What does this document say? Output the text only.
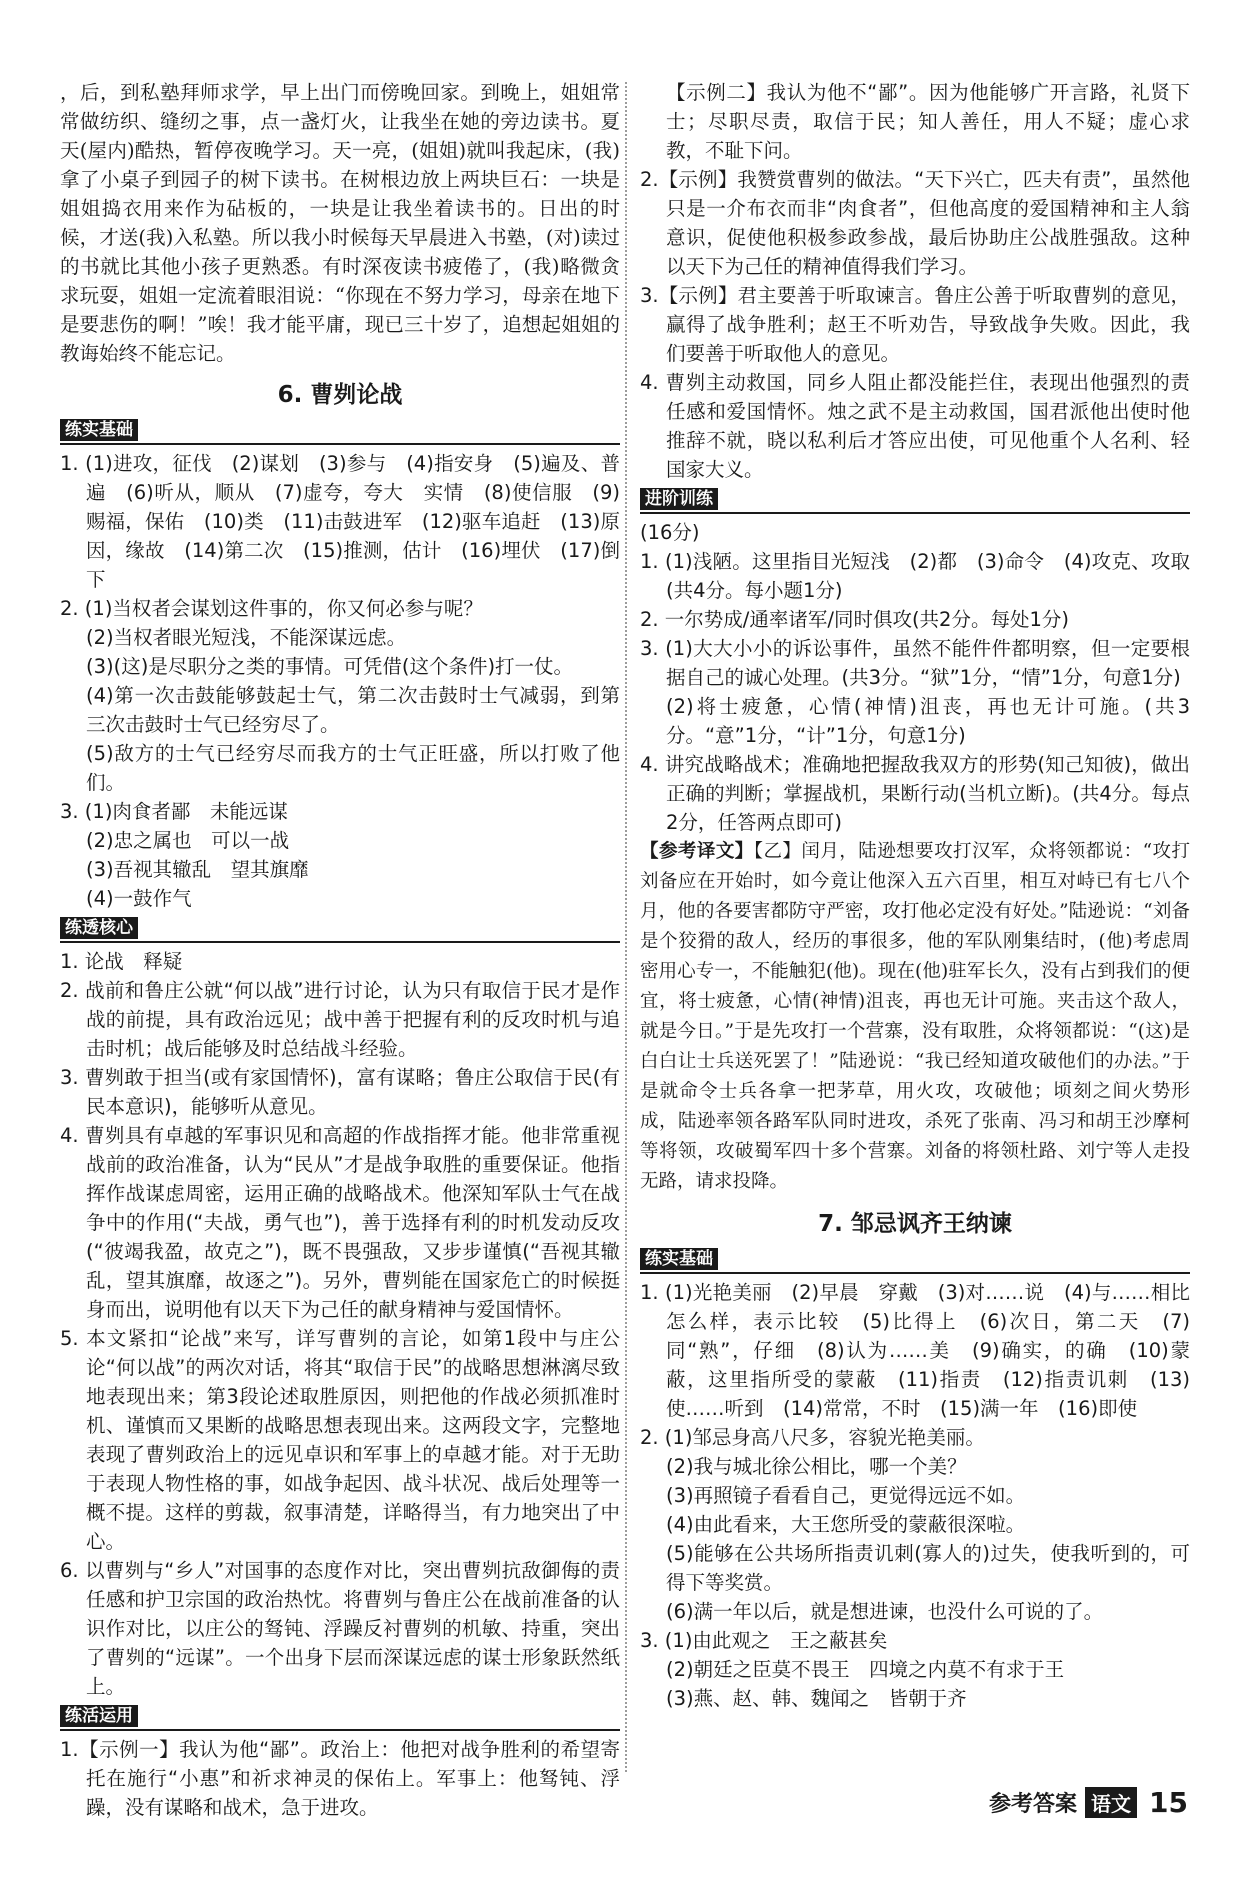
，后，到私塾拜师求学，早上出门而傍晚回家。到晚上，姐姐常常做纺织、缝纫之事，点一盏灯火，让我坐在她的旁边读书。夏天(屋内)酷热，暂停夜晚学习。天一亮，(姐姐)就叫我起床，(我)拿了小桌子到园子的树下读书。在树根边放上两块巨石：一块是姐姐捣衣用来作为砧板的，一块是让我坐着读书的。日出的时候，才送(我)入私塾。所以我小时候每天早晨进入书塾，(对)读过的书就比其他小孩子更熟悉。有时深夜读书疲倦了，(我)略微贪求玩耍，姐姐一定流着眼泪说：“你现在不努力学习，母亲在地下是要悲伤的啊！”唉！我才能平庸，现已三十岁了，追想起姐姐的教诲始终不能忘记。

6. 曹刿论战
练实基础

1. (1)进攻，征伐　(2)谋划　(3)参与　(4)指安身　(5)遍及、普遍　(6)听从，顺从　(7)虚夸，夸大　实情　(8)使信服　(9)赐福，保佑　(10)类　(11)击鼓进军　(12)驱车追赶　(13)原因，缘故　(14)第二次　(15)推测，估计　(16)埋伏　(17)倒下

2. (1)当权者会谋划这件事的，你又何必参与呢？

(2)当权者眼光短浅，不能深谋远虑。

(3)(这)是尽职分之类的事情。可凭借(这个条件)打一仗。

(4)第一次击鼓能够鼓起士气，第二次击鼓时士气减弱，到第三次击鼓时士气已经穷尽了。

(5)敌方的士气已经穷尽而我方的士气正旺盛，所以打败了他们。

3. (1)肉食者鄙　未能远谋

(2)忠之属也　可以一战

(3)吾视其辙乱　望其旗靡

(4)一鼓作气

练透核心

1. 论战　释疑

2. 战前和鲁庄公就“何以战”进行讨论，认为只有取信于民才是作战的前提，具有政治远见；战中善于把握有利的反攻时机与追击时机；战后能够及时总结战斗经验。

3. 曹刿敢于担当(或有家国情怀)，富有谋略；鲁庄公取信于民(有民本意识)，能够听从意见。

4. 曹刿具有卓越的军事识见和高超的作战指挥才能。他非常重视战前的政治准备，认为“民从”才是战争取胜的重要保证。他指挥作战谋虑周密，运用正确的战略战术。他深知军队士气在战争中的作用(“夫战，勇气也”)，善于选择有利的时机发动反攻(“彼竭我盈，故克之”)，既不畏强敌，又步步谨慎(“吾视其辙乱，望其旗靡，故逐之”)。另外，曹刿能在国家危亡的时候挺身而出，说明他有以天下为己任的献身精神与爱国情怀。

5. 本文紧扣“论战”来写，详写曹刿的言论，如第1段中与庄公论“何以战”的两次对话，将其“取信于民”的战略思想淋漓尽致地表现出来；第3段论述取胜原因，则把他的作战必须抓准时机、谨慎而又果断的战略思想表现出来。这两段文字，完整地表现了曹刿政治上的远见卓识和军事上的卓越才能。对于无助于表现人物性格的事，如战争起因、战斗状况、战后处理等一概不提。这样的剪裁，叙事清楚，详略得当，有力地突出了中心。

6. 以曹刿与“乡人”对国事的态度作对比，突出曹刿抗敌御侮的责任感和护卫宗国的政治热忱。将曹刿与鲁庄公在战前准备的认识作对比，以庄公的驽钝、浮躁反衬曹刿的机敏、持重，突出了曹刿的“远谋”。一个出身下层而深谋远虑的谋士形象跃然纸上。

练活运用

1.【示例一】我认为他“鄙”。政治上：他把对战争胜利的希望寄托在施行“小惠”和祈求神灵的保佑上。军事上：他驽钝、浮躁，没有谋略和战术，急于进攻。

【示例二】我认为他不“鄙”。因为他能够广开言路，礼贤下士；尽职尽责，取信于民；知人善任，用人不疑；虚心求教，不耻下问。

2.【示例】我赞赏曹刿的做法。“天下兴亡，匹夫有责”，虽然他只是一介布衣而非“肉食者”，但他高度的爱国精神和主人翁意识，促使他积极参政参战，最后协助庄公战胜强敌。这种以天下为己任的精神值得我们学习。

3.【示例】君主要善于听取谏言。鲁庄公善于听取曹刿的意见，赢得了战争胜利；赵王不听劝告，导致战争失败。因此，我们要善于听取他人的意见。

4. 曹刿主动救国，同乡人阻止都没能拦住，表现出他强烈的责任感和爱国情怀。烛之武不是主动救国，国君派他出使时他推辞不就，晓以私利后才答应出使，可见他重个人名利、轻国家大义。

进阶训练

(16分)

1. (1)浅陋。这里指目光短浅　(2)都　(3)命令　(4)攻克、攻取(共4分。每小题1分)

2. 一尔势成/通率诸军/同时俱攻(共2分。每处1分)

3. (1)大大小小的诉讼事件，虽然不能件件都明察，但一定要根据自己的诚心处理。(共3分。“狱”1分，“情”1分，句意1分)

(2)将士疲惫，心情(神情)沮丧，再也无计可施。(共3分。“意”1分，“计”1分，句意1分)

4. 讲究战略战术；准确地把握敌我双方的形势(知己知彼)，做出正确的判断；掌握战机，果断行动(当机立断)。(共4分。每点2分，任答两点即可)

【参考译文】【乙】闰月，陆逊想要攻打汉军，众将领都说：“攻打刘备应在开始时，如今竟让他深入五六百里，相互对峙已有七八个月，他的各要害都防守严密，攻打他必定没有好处。”陆逊说：“刘备是个狡猾的敌人，经历的事很多，他的军队刚集结时，(他)考虑周密用心专一，不能触犯(他)。现在(他)驻军长久，没有占到我们的便宜，将士疲惫，心情(神情)沮丧，再也无计可施。夹击这个敌人，就是今日。”于是先攻打一个营寨，没有取胜，众将领都说：“(这)是白白让士兵送死罢了！”陆逊说：“我已经知道攻破他们的办法。”于是就命令士兵各拿一把茅草，用火攻，攻破他；顷刻之间火势形成，陆逊率领各路军队同时进攻，杀死了张南、冯习和胡王沙摩柯等将领，攻破蜀军四十多个营寨。刘备的将领杜路、刘宁等人走投无路，请求投降。

7. 邹忌讽齐王纳谏
练实基础

1. (1)光艳美丽　(2)早晨　穿戴　(3)对……说　(4)与……相比怎么样，表示比较　(5)比得上　(6)次日，第二天　(7)同“熟”，仔细　(8)认为……美　(9)确实，的确　(10)蒙蔽，这里指所受的蒙蔽　(11)指责　(12)指责讥刺　(13)使……听到　(14)常常，不时　(15)满一年　(16)即使

2. (1)邹忌身高八尺多，容貌光艳美丽。

(2)我与城北徐公相比，哪一个美？

(3)再照镜子看看自己，更觉得远远不如。

(4)由此看来，大王您所受的蒙蔽很深啦。

(5)能够在公共场所指责讥刺(寡人的)过失，使我听到的，可得下等奖赏。

(6)满一年以后，就是想进谏，也没什么可说的了。

3. (1)由此观之　王之蔽甚矣

(2)朝廷之臣莫不畏王　四境之内莫不有求于王

(3)燕、赵、韩、魏闻之　皆朝于齐

参考答案 语文 15
